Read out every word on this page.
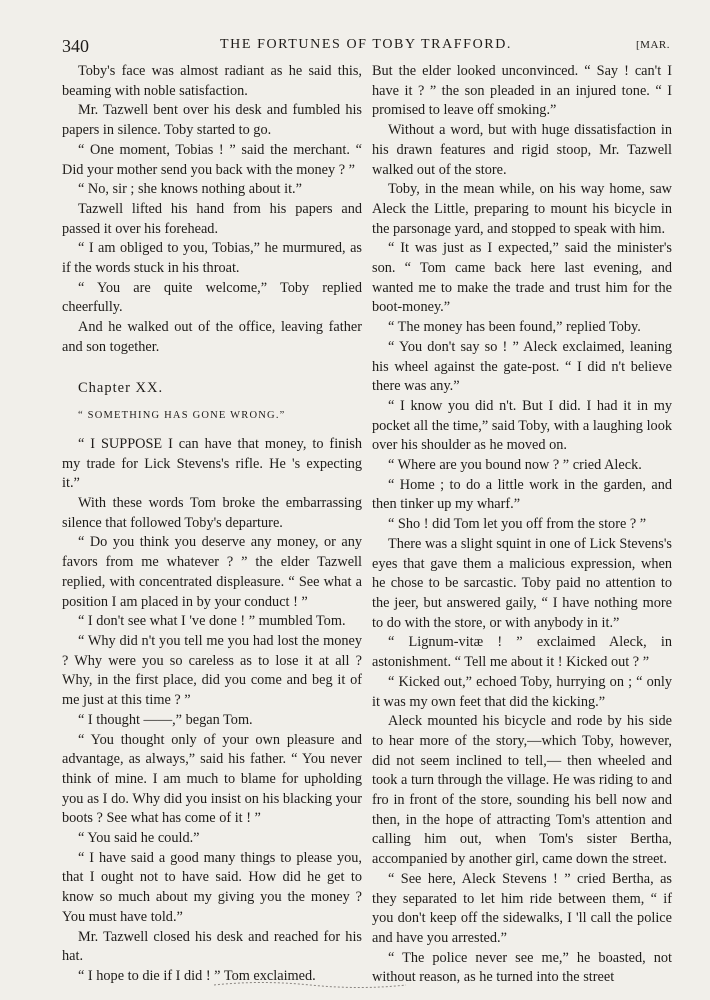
340	THE FORTUNES OF TOBY TRAFFORD.	[MAR.

Toby's face was almost radiant as he said this, beaming with noble satisfaction.

Mr. Tazwell bent over his desk and fumbled his papers in silence. Toby started to go.

“ One moment, Tobias ! ” said the merchant. “ Did your mother send you back with the money ? ”

“ No, sir ; she knows nothing about it.”

Tazwell lifted his hand from his papers and passed it over his forehead.

“ I am obliged to you, Tobias,” he murmured, as if the words stuck in his throat.

“ You are quite welcome,” Toby replied cheerfully.

And he walked out of the office, leaving father and son together.

Chapter XX.

“ SOMETHING HAS GONE WRONG.”

“ I SUPPOSE I can have that money, to finish my trade for Lick Stevens's rifle. He 's expecting it.”

With these words Tom broke the embarrassing silence that followed Toby's departure.

“ Do you think you deserve any money, or any favors from me whatever ? ” the elder Tazwell replied, with concentrated displeasure. “ See what a position I am placed in by your conduct ! ”

“ I don't see what I 've done ! ” mumbled Tom.

“ Why did n't you tell me you had lost the money ? Why were you so careless as to lose it at all ? Why, in the first place, did you come and beg it of me just at this time ? ”

“ I thought ——,” began Tom.

“ You thought only of your own pleasure and advantage, as always,” said his father. “ You never think of mine. I am much to blame for upholding you as I do. Why did you insist on his blacking your boots ? See what has come of it ! ”

“ You said he could.”

“ I have said a good many things to please you, that I ought not to have said. How did he get to know so much about my giving you the money ? You must have told.”

Mr. Tazwell closed his desk and reached for his hat.

“ I hope to die if I did ! ” Tom exclaimed.

But the elder looked unconvinced. “ Say ! can't I have it ? ” the son pleaded in an injured tone. “ I promised to leave off smoking.”

Without a word, but with huge dissatisfaction in his drawn features and rigid stoop, Mr. Tazwell walked out of the store.

Toby, in the mean while, on his way home, saw Aleck the Little, preparing to mount his bicycle in the parsonage yard, and stopped to speak with him.

“ It was just as I expected,” said the minister's son. “ Tom came back here last evening, and wanted me to make the trade and trust him for the boot-money.”

“ The money has been found,” replied Toby.

“ You don't say so ! ” Aleck exclaimed, leaning his wheel against the gate-post. “ I did n't believe there was any.”

“ I know you did n't. But I did. I had it in my pocket all the time,” said Toby, with a laughing look over his shoulder as he moved on.

“ Where are you bound now ? ” cried Aleck.

“ Home ; to do a little work in the garden, and then tinker up my wharf.”

“ Sho ! did Tom let you off from the store ? ”

There was a slight squint in one of Lick Stevens's eyes that gave them a malicious expression, when he chose to be sarcastic. Toby paid no attention to the jeer, but answered gaily, “ I have nothing more to do with the store, or with anybody in it.”

“ Lignum-vitæ ! ” exclaimed Aleck, in astonishment. “ Tell me about it ! Kicked out ? ”

“ Kicked out,” echoed Toby, hurrying on ; “ only it was my own feet that did the kicking.”

Aleck mounted his bicycle and rode by his side to hear more of the story,—which Toby, however, did not seem inclined to tell,— then wheeled and took a turn through the village. He was riding to and fro in front of the store, sounding his bell now and then, in the hope of attracting Tom's attention and calling him out, when Tom's sister Bertha, accompanied by another girl, came down the street.

“ See here, Aleck Stevens ! ” cried Bertha, as they separated to let him ride between them, “ if you don't keep off the sidewalks, I 'll call the police and have you arrested.”

“ The police never see me,” he boasted, not without reason, as he turned into the street
